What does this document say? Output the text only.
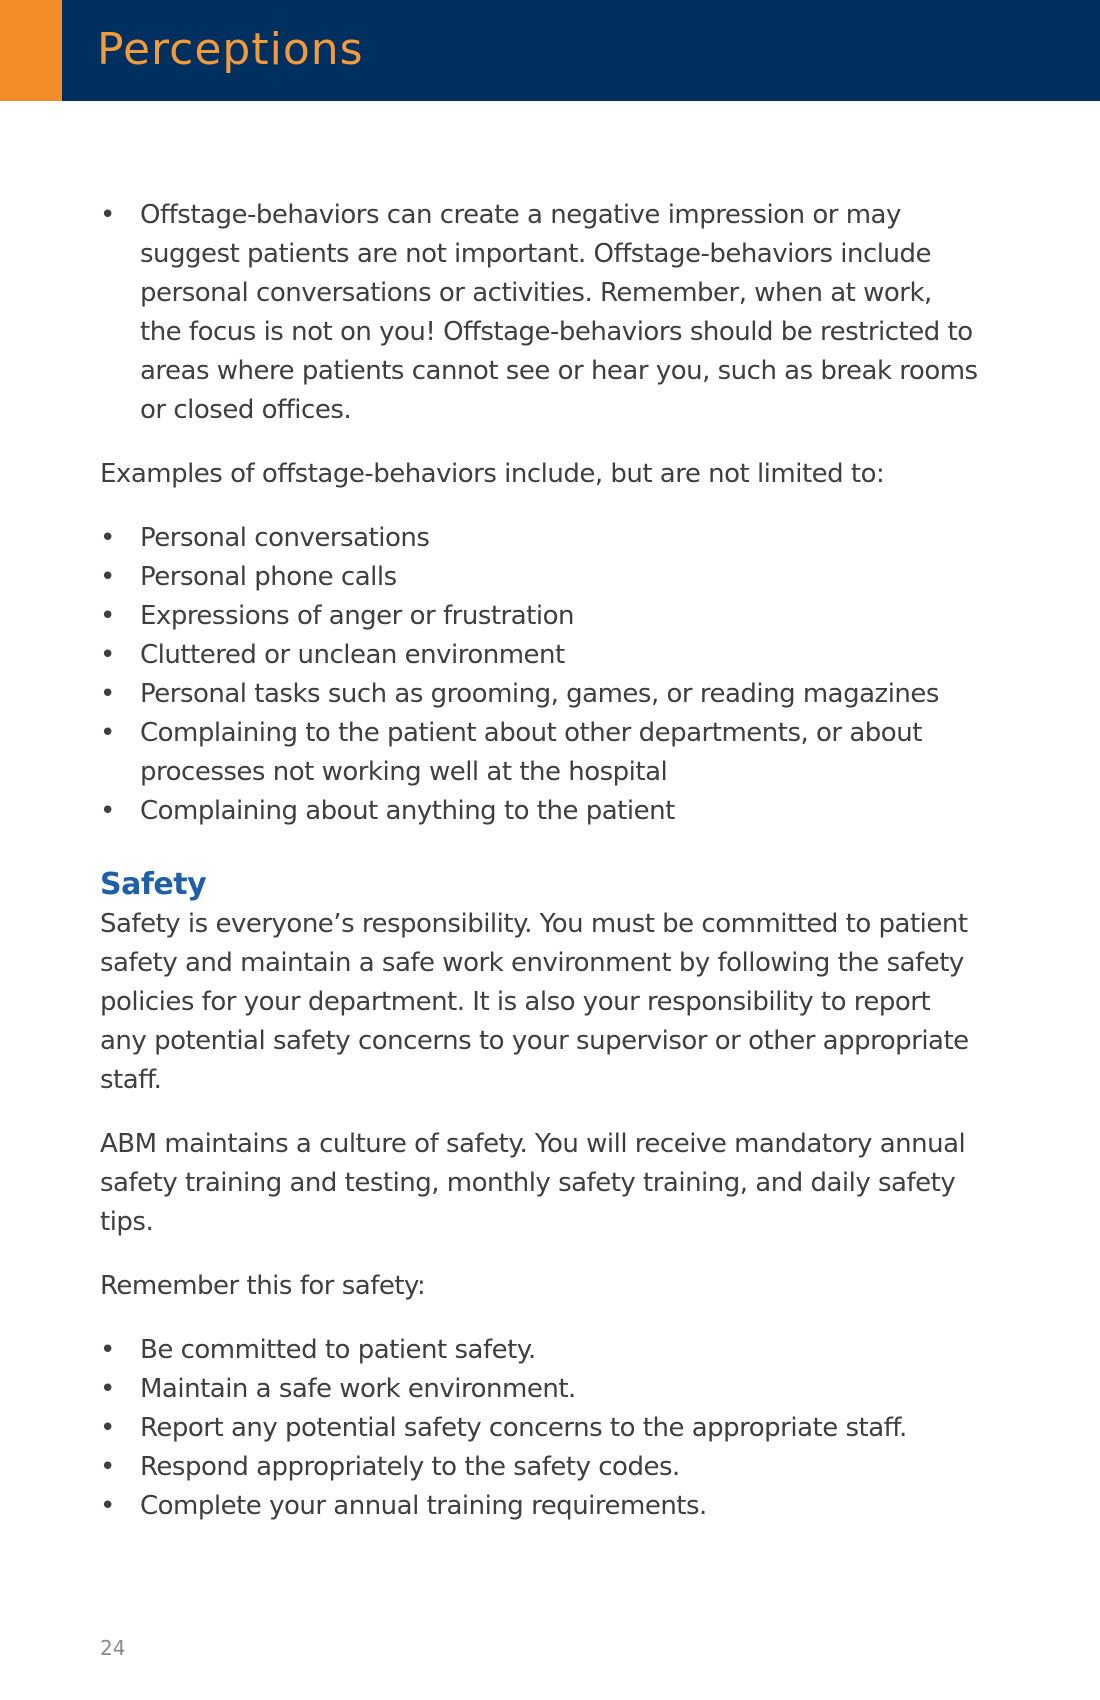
Perceptions
• Offstage-behaviors can create a negative impression or may suggest patients are not important. Offstage-behaviors include personal conversations or activities. Remember, when at work, the focus is not on you! Offstage-behaviors should be restricted to areas where patients cannot see or hear you, such as break rooms or closed offices.

Examples of offstage-behaviors include, but are not limited to:

• Personal conversations
• Personal phone calls
• Expressions of anger or frustration
• Cluttered or unclean environment
• Personal tasks such as grooming, games, or reading magazines
• Complaining to the patient about other departments, or about processes not working well at the hospital
• Complaining about anything to the patient
Safety

Safety is everyone’s responsibility. You must be committed to patient safety and maintain a safe work environment by following the safety policies for your department. It is also your responsibility to report any potential safety concerns to your supervisor or other appropriate staff.

ABM maintains a culture of safety. You will receive mandatory annual safety training and testing, monthly safety training, and daily safety tips.

Remember this for safety:

• Be committed to patient safety.
• Maintain a safe work environment.
• Report any potential safety concerns to the appropriate staff.
• Respond appropriately to the safety codes.
• Complete your annual training requirements.
24
